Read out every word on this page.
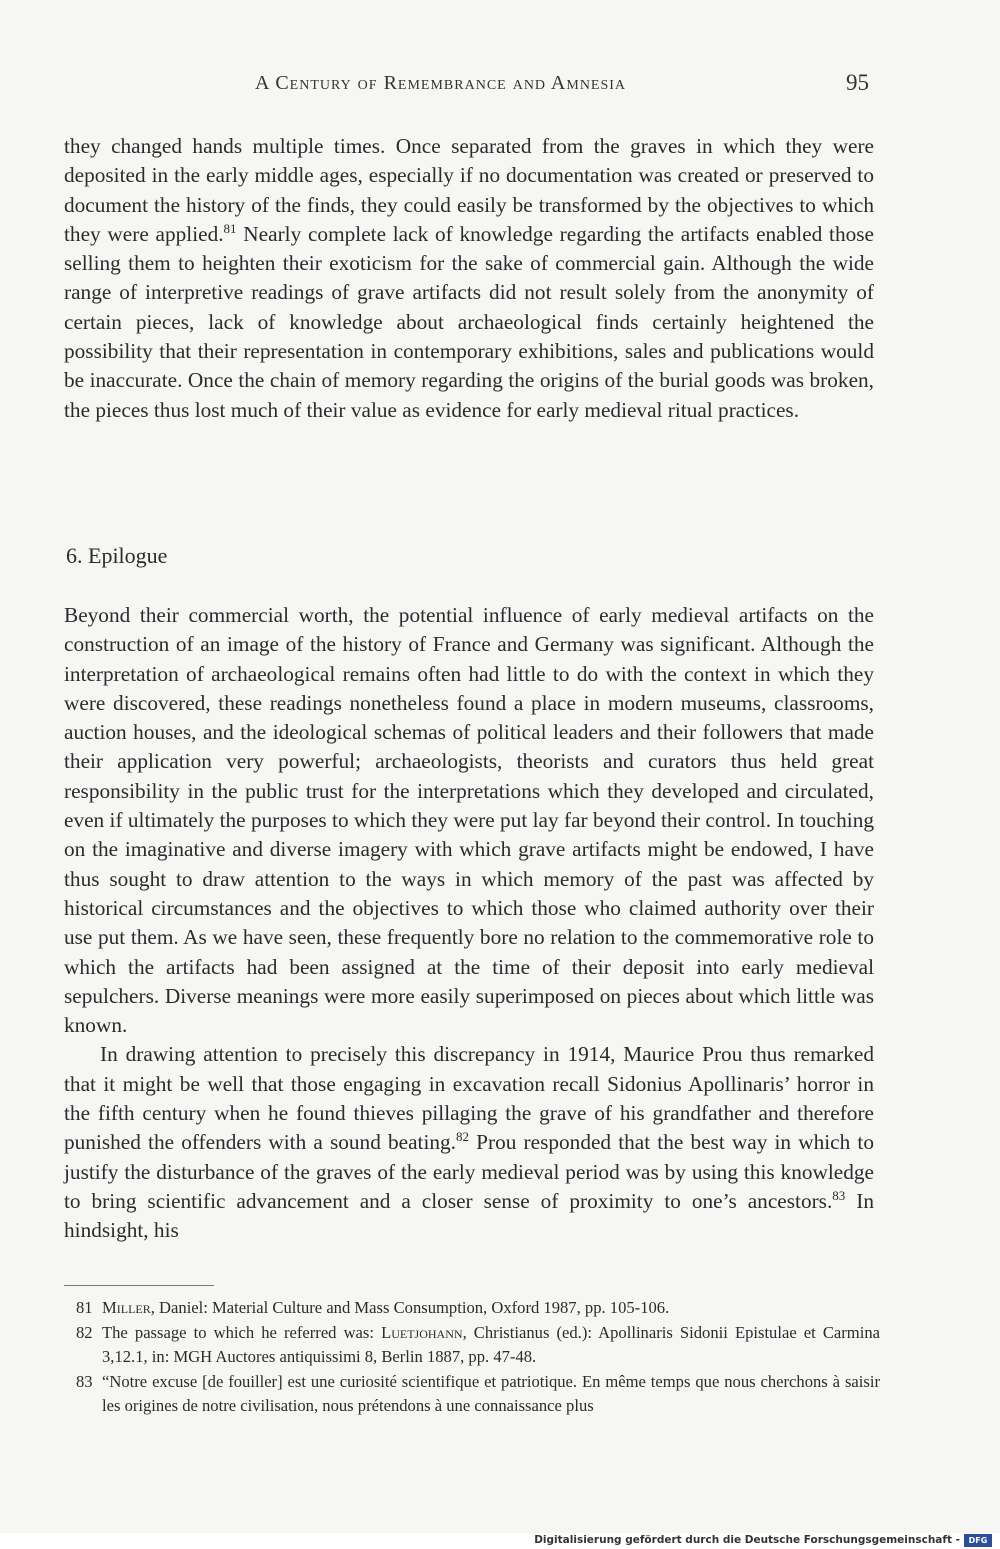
A Century of Remembrance and Amnesia	95

they changed hands multiple times. Once separated from the graves in which they were deposited in the early middle ages, especially if no documentation was created or preserved to document the history of the finds, they could easily be transformed by the objectives to which they were applied.$^{81}$ Nearly complete lack of knowledge regarding the artifacts enabled those selling them to heighten their exoticism for the sake of commercial gain. Although the wide range of interpretive readings of grave artifacts did not result solely from the anonymity of certain pieces, lack of knowledge about archaeological finds certainly heightened the possibility that their representation in contemporary exhibitions, sales and publications would be inaccurate. Once the chain of memory regarding the origins of the burial goods was broken, the pieces thus lost much of their value as evidence for early medieval ritual practices.

6. Epilogue

Beyond their commercial worth, the potential influence of early medieval artifacts on the construction of an image of the history of France and Germany was significant. Although the interpretation of archaeological remains often had little to do with the context in which they were discovered, these readings nonetheless found a place in modern museums, classrooms, auction houses, and the ideological schemas of political leaders and their followers that made their application very powerful; archaeologists, theorists and curators thus held great responsibility in the public trust for the interpretations which they developed and circulated, even if ultimately the purposes to which they were put lay far beyond their control. In touching on the imaginative and diverse imagery with which grave artifacts might be endowed, I have thus sought to draw attention to the ways in which memory of the past was affected by historical circumstances and the objectives to which those who claimed authority over their use put them. As we have seen, these frequently bore no relation to the commemorative role to which the artifacts had been assigned at the time of their deposit into early medieval sepulchers. Diverse meanings were more easily superimposed on pieces about which little was known.

In drawing attention to precisely this discrepancy in 1914, Maurice Prou thus remarked that it might be well that those engaging in excavation recall Sidonius Apollinaris’ horror in the fifth century when he found thieves pillaging the grave of his grandfather and therefore punished the offenders with a sound beating.$^{82}$ Prou responded that the best way in which to justify the disturbance of the graves of the early medieval period was by using this knowledge to bring scientific advancement and a closer sense of proximity to one’s ancestors.$^{83}$ In hindsight, his

81 Miller, Daniel: Material Culture and Mass Consumption, Oxford 1987, pp. 105-106.

82 The passage to which he referred was: Luetjohann, Christianus (ed.): Apollinaris Sidonii Epistulae et Carmina 3,12.1, in: MGH Auctores antiquissimi 8, Berlin 1887, pp. 47-48.

83 “Notre excuse [de fouiller] est une curiosité scientifique et patriotique. En même temps que nous cherchons à saisir les origines de notre civilisation, nous prétendons à une connaissance plus

Digitalisierung gefördert durch die Deutsche Forschungsgemeinschaft -	DFG
